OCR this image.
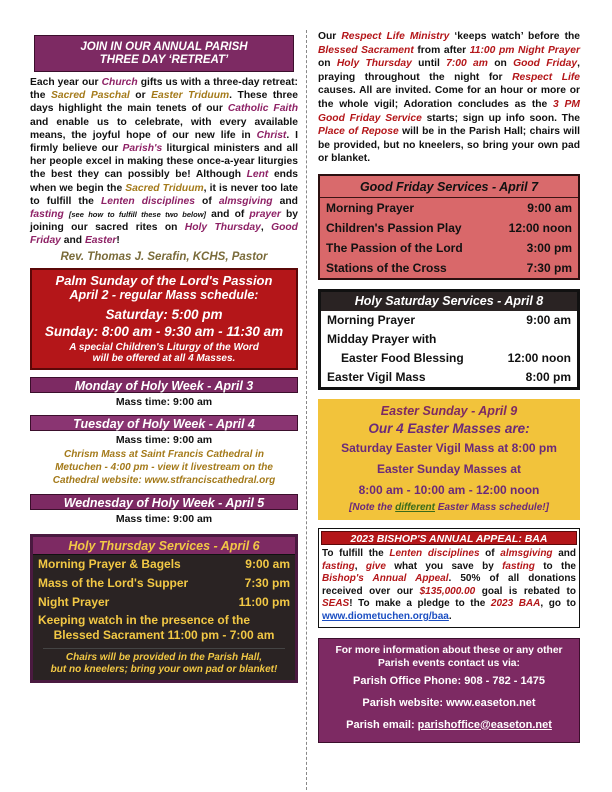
JOIN IN OUR ANNUAL PARISH
THREE DAY ‘RETREAT’
Each year our Church gifts us with a three-day retreat: the Sacred Paschal or Easter Triduum. These three days highlight the main tenets of our Catholic Faith and enable us to celebrate, with every available means, the joyful hope of our new life in Christ. I firmly believe our Parish's liturgical ministers and all her people excel in making these once-a-year liturgies the best they can possibly be! Although Lent ends when we begin the Sacred Triduum, it is never too late to fulfill the Lenten disciplines of almsgiving and fasting [see how to fulfill these two below] and of prayer by joining our sacred rites on Holy Thursday, Good Friday and Easter!
Rev. Thomas J. Serafin, KCHS, Pastor
Palm Sunday of the Lord's Passion
April 2 - regular Mass schedule:
Saturday: 5:00 pm
Sunday: 8:00 am - 9:30 am - 11:30 am
A special Children's Liturgy of the Word
will be offered at all 4 Masses.
Monday of Holy Week - April 3
Mass time: 9:00 am
Tuesday of Holy Week - April 4
Mass time: 9:00 am
Chrism Mass at Saint Francis Cathedral in
Metuchen - 4:00 pm - view it livestream on the
Cathedral website: www.stfranciscathedral.org
Wednesday of Holy Week - April 5
Mass time: 9:00 am
Holy Thursday Services - April 6
Morning Prayer & Bagels	9:00 am
Mass of the Lord's Supper	7:30 pm
Night Prayer	11:00 pm
Keeping watch in the presence of the
Blessed Sacrament 11:00 pm - 7:00 am
Chairs will be provided in the Parish Hall,
but no kneelers; bring your own pad or blanket!
Our Respect Life Ministry ‘keeps watch’ before the Blessed Sacrament from after 11:00 pm Night Prayer on Holy Thursday until 7:00 am on Good Friday, praying throughout the night for Respect Life causes. All are invited. Come for an hour or more or the whole vigil; Adoration concludes as the 3 PM Good Friday Service starts; sign up info soon. The Place of Repose will be in the Parish Hall; chairs will be provided, but no kneelers, so bring your own pad or blanket.
Good Friday Services - April 7
Morning Prayer	9:00 am
Children's Passion Play	12:00 noon
The Passion of the Lord	3:00 pm
Stations of the Cross	7:30 pm
Holy Saturday Services - April 8
Morning Prayer	9:00 am
Midday Prayer with
Easter Food Blessing	12:00 noon
Easter Vigil Mass	8:00 pm
Easter Sunday - April 9
Our 4 Easter Masses are:
Saturday Easter Vigil Mass at 8:00 pm
Easter Sunday Masses at
8:00 am - 10:00 am - 12:00 noon
[Note the different Easter Mass schedule!]
2023 BISHOP'S ANNUAL APPEAL: BAA
To fulfill the Lenten disciplines of almsgiving and fasting, give what you save by fasting to the Bishop's Annual Appeal. 50% of all donations received over our $135,000.00 goal is rebated to SEAS! To make a pledge to the 2023 BAA, go to www.diometuchen.org/baa.
For more information about these or any other
Parish events contact us via:
Parish Office Phone: 908 - 782 - 1475
Parish website: www.easeton.net
Parish email: parishoffice@easeton.net
